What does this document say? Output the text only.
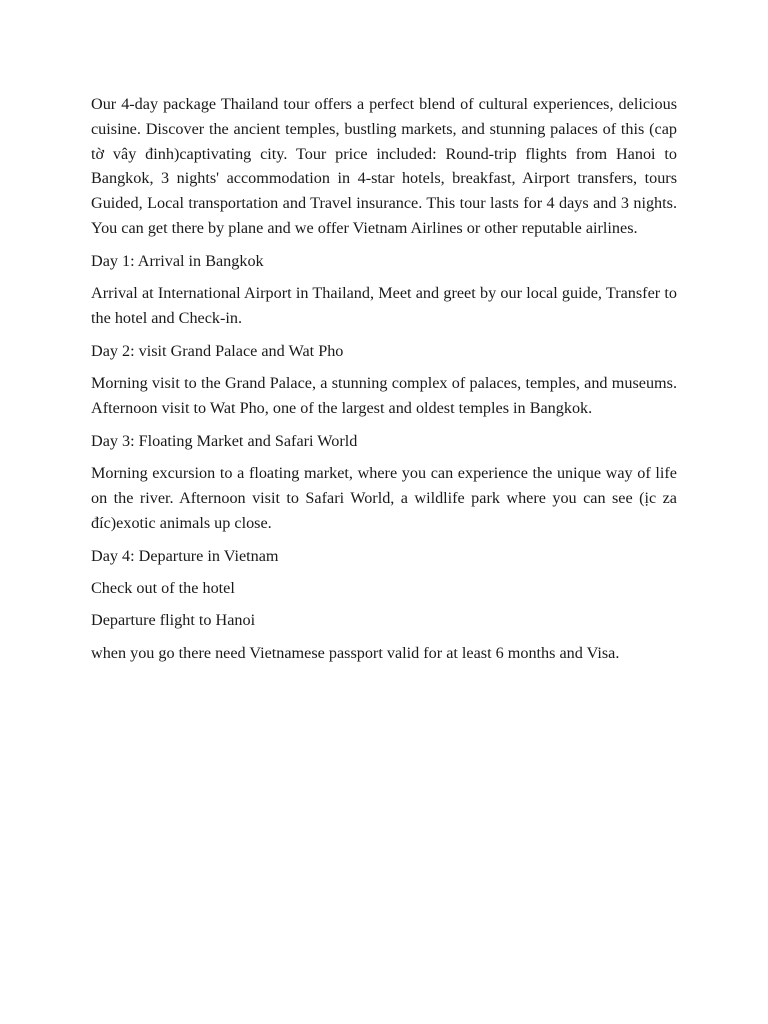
Our 4-day package Thailand tour offers a perfect blend of cultural experiences, delicious cuisine. Discover the ancient temples, bustling markets, and stunning palaces of this (cap tờ vây đinh)captivating city. Tour price included: Round-trip flights from Hanoi to Bangkok, 3 nights' accommodation in 4-star hotels, breakfast, Airport transfers, tours Guided, Local transportation and Travel insurance. This tour lasts for 4 days and 3 nights. You can get there by plane and we offer Vietnam Airlines or other reputable airlines.

Day 1: Arrival in Bangkok

Arrival at International Airport in Thailand, Meet and greet by our local guide, Transfer to the hotel and Check-in.

Day 2: visit Grand Palace and Wat Pho

Morning visit to the Grand Palace, a stunning complex of palaces, temples, and museums. Afternoon visit to Wat Pho, one of the largest and oldest temples in Bangkok.

Day 3: Floating Market and Safari World

Morning excursion to a floating market, where you can experience the unique way of life on the river. Afternoon visit to Safari World, a wildlife park where you can see (ịc za đíc)exotic animals up close.

Day 4: Departure in Vietnam

Check out of the hotel

Departure flight to Hanoi

when you go there need Vietnamese passport valid for at least 6 months and Visa.
